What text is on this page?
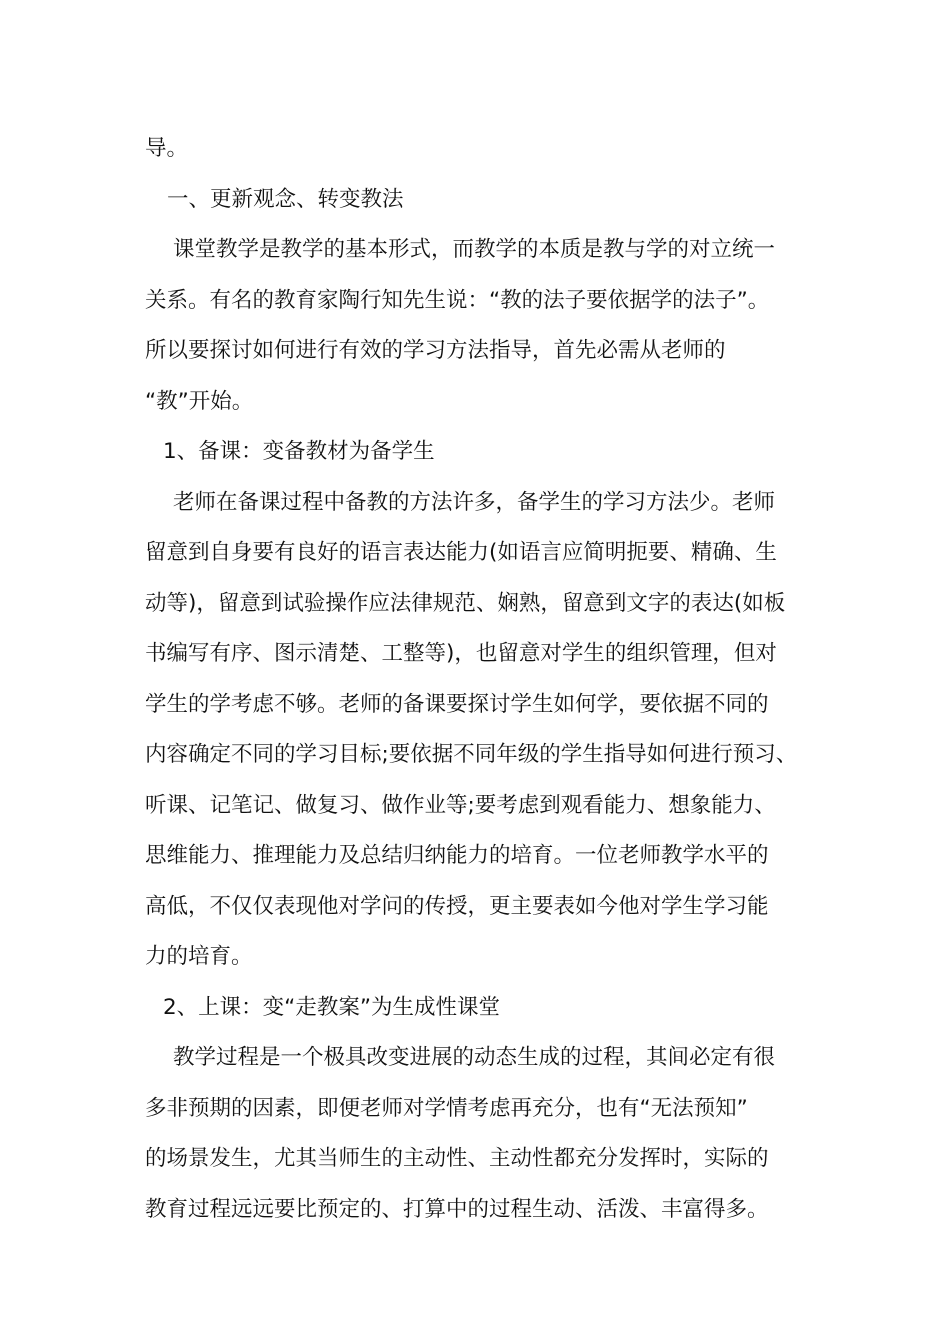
导。
一、更新观念、转变教法
课堂教学是教学的基本形式，而教学的本质是教与学的对立统一
关系。有名的教育家陶行知先生说：“教的法子要依据学的法子”。
所以要探讨如何进行有效的学习方法指导，首先必需从老师的
“教”开始。
1、备课：变备教材为备学生
老师在备课过程中备教的方法许多，备学生的学习方法少。老师
留意到自身要有良好的语言表达能力(如语言应简明扼要、精确、生
动等)，留意到试验操作应法律规范、娴熟，留意到文字的表达(如板
书编写有序、图示清楚、工整等)，也留意对学生的组织管理，但对
学生的学考虑不够。老师的备课要探讨学生如何学，要依据不同的
内容确定不同的学习目标;要依据不同年级的学生指导如何进行预习、
听课、记笔记、做复习、做作业等;要考虑到观看能力、想象能力、
思维能力、推理能力及总结归纳能力的培育。一位老师教学水平的
高低，不仅仅表现他对学问的传授，更主要表如今他对学生学习能
力的培育。
2、上课：变“走教案”为生成性课堂
教学过程是一个极具改变进展的动态生成的过程，其间必定有很
多非预期的因素，即便老师对学情考虑再充分，也有“无法预知”
的场景发生，尤其当师生的主动性、主动性都充分发挥时，实际的
教育过程远远要比预定的、打算中的过程生动、活泼、丰富得多。
